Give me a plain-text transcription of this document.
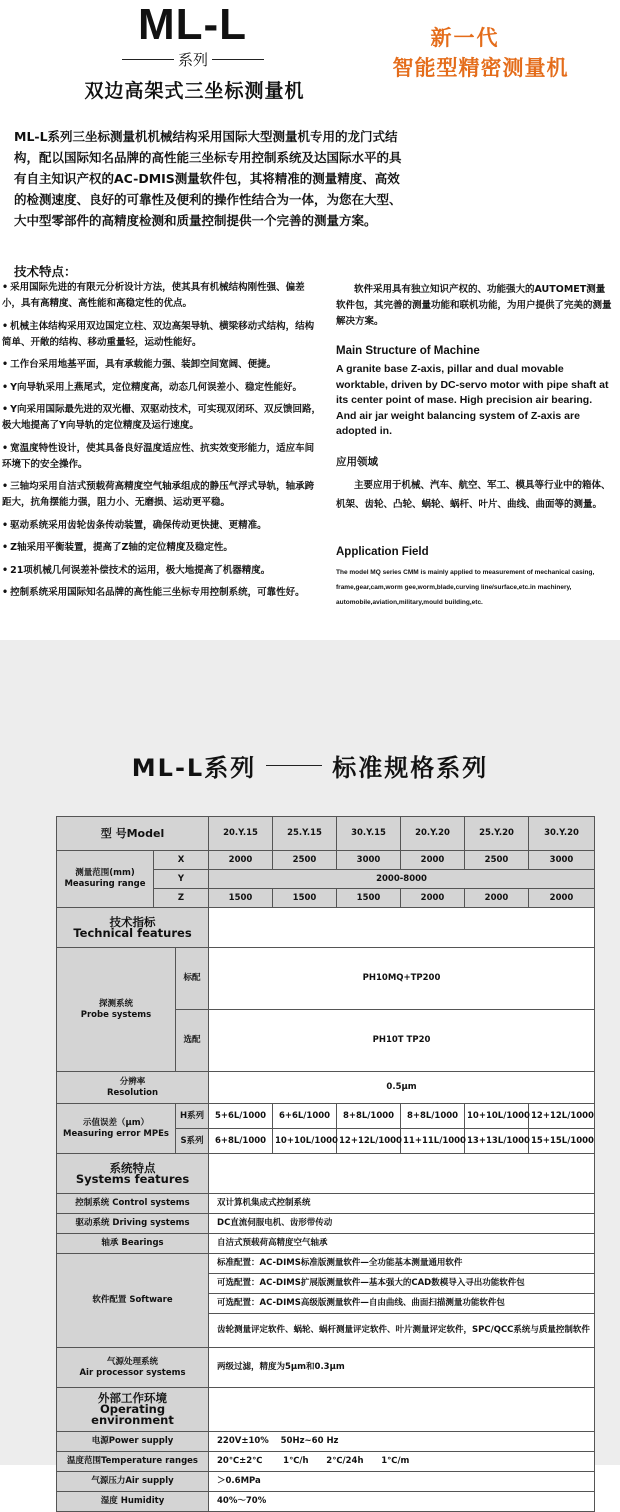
ML-L
系列
双边高架式三坐标测量机
新一代
智能型精密测量机
ML-L系列三坐标测量机机械结构采用国际大型测量机专用的龙门式结构，配以国际知名品牌的高性能三坐标专用控制系统及达国际水平的具有自主知识产权的AC-DMIS测量软件包，其将精准的测量精度、高效的检测速度、良好的可靠性及便利的操作性结合为一体，为您在大型、大中型零部件的高精度检测和质量控制提供一个完善的测量方案。
技术特点：
• 采用国际先进的有限元分析设计方法，使其具有机械结构刚性强、偏差小，具有高精度、高性能和高稳定性的优点。
• 机械主体结构采用双边国定立柱、双边高架导轨、横梁移动式结构，结构简单、开敞的结构、移动重量轻，运动性能好。
• 工作台采用地基平面，具有承载能力强、装卸空间宽阔、便捷。
• Y向导轨采用上燕尾式，定位精度高，动态几何误差小、稳定性能好。
• Y向采用国际最先进的双光栅、双驱动技术，可实现双闭环、双反馈回路，极大地提高了Y向导轨的定位精度及运行速度。
• 宽温度特性设计，使其具备良好温度适应性、抗实效变形能力，适应车间环境下的安全操作。
• 三轴均采用自洁式预载荷高精度空气轴承组成的静压气浮式导轨，轴承跨距大，抗角摆能力强，阻力小、无磨损、运动更平稳。
• 驱动系统采用齿轮齿条传动装置，确保传动更快捷、更精准。
• Z轴采用平衡装置，提高了Z轴的定位精度及稳定性。
• 21项机械几何误差补偿技术的运用，极大地提高了机器精度。
• 控制系统采用国际知名品牌的高性能三坐标专用控制系统，可靠性好。
软件采用具有独立知识产权的、功能强大的AUTOMET测量软件包，其完善的测量功能和联机功能，为用户提供了完美的测量解决方案。
Main Structure of Machine
A granite base Z-axis, pillar and dual movable worktable, driven by DC-servo motor with pipe shaft at its center point of mase. High precision air bearing. And air jar weight balancing system of Z-axis are adopted in.
应用领域
主要应用于机械、汽车、航空、军工、模具等行业中的箱体、机架、齿轮、凸轮、蜗轮、蜗杆、叶片、曲线、曲面等的测量。
Application Field
The model MQ series CMM is mainly applied to measurement of mechanical casing, frame,gear,cam,worm gee,worm,blade,curving line/surface,etc.in machinery, automobile,aviation,military,mould building,etc.
ML-L系列	标准规格系列
型 号Model			20.Y.15	25.Y.15	30.Y.15	20.Y.20	25.Y.20	30.Y.20

测量范围(mm)
Measuring range	X		2000	2500	3000	2000	2500	3000
	Y		2000-8000					
	Z		1500	1500	1500	2000	2000	2000

技术指标
Technical features								

探测系统
Probe systems		标配	PH10MQ+TP200					
		选配	PH10T TP20					

分辨率
Resolution			0.5μm					

示值误差（μm）
Measuring error MPEs		H系列	5+6L/1000	6+6L/1000	8+8L/1000	8+8L/1000	10+10L/1000	12+12L/1000
		S系列	6+8L/1000	10+10L/1000	12+12L/1000	11+11L/1000	13+13L/1000	15+15L/1000

系统特点
Systems features								

控制系统 Control systems			双计算机集成式控制系统					
驱动系统 Driving systems			DC直流伺服电机、齿形带传动					
轴承 Bearings			自洁式预载荷高精度空气轴承					
软件配置 Software			标准配置：AC-DIMS标准版测量软件—全功能基本测量通用软件					
			可选配置：AC-DIMS扩展版测量软件—基本强大的CAD数模导入寻出功能软件包					
			可选配置：AC-DIMS高级版测量软件—自由曲线、曲面扫描测量功能软件包					
			齿轮测量评定软件、蜗轮、蜗杆测量评定软件、叶片测量评定软件，SPC/QCC系统与质量控制软件					

气源处理系统
Air processor systems			两级过滤，精度为5μm和0.3μm					

外部工作环境
Operating environment								

电源Power supply			220V±10%    50Hz~60 Hz					
温度范围Temperature ranges			20℃±2℃       1℃/h      2℃/24h      1℃/m					
气源压力Air supply			＞0.6MPa					
湿度 Humidity			40%～70%					
